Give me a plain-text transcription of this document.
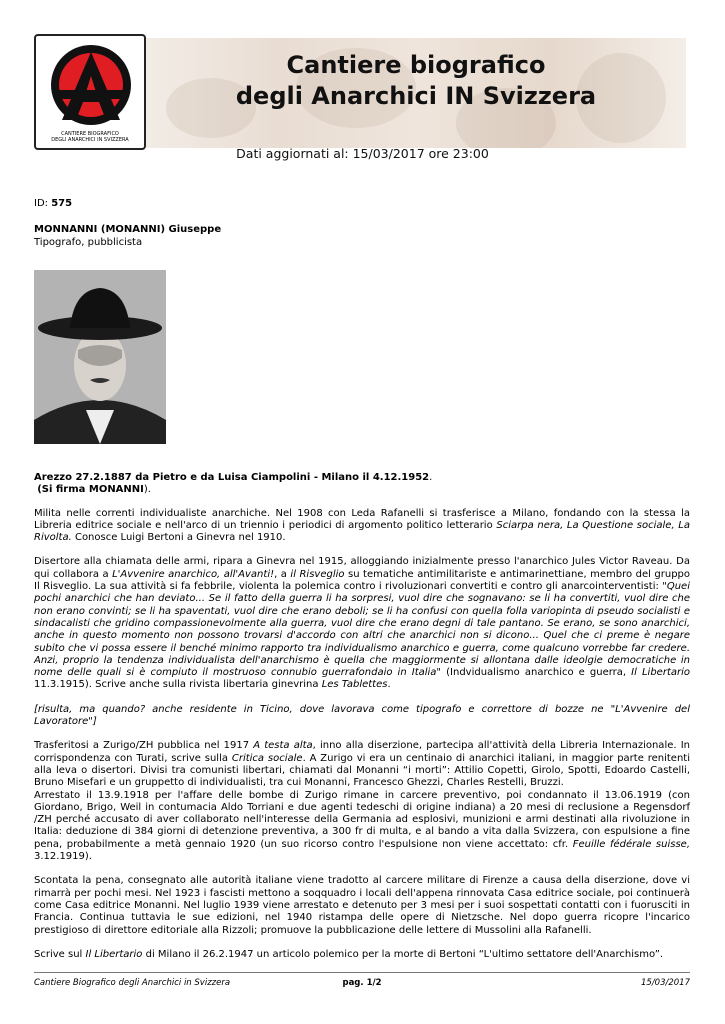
CANTIERE BIOGRAFICO
DEGLI ANARCHICI IN SVIZZERA
Cantiere biografico
degli Anarchici IN Svizzera
Dati aggiornati al: 15/03/2017 ore 23:00
ID: 575
MONNANNI (MONANNI) Giuseppe
Tipografo, pubblicista

Arezzo 27.2.1887 da Pietro e da Luisa Ciampolini - Milano il 4.12.1952.
(Si firma MONANNI).

Milita nelle correnti individualiste anarchiche. Nel 1908 con Leda Rafanelli si trasferisce a Milano, fondando con la stessa la Libreria editrice sociale e nell'arco di un triennio i periodici di argomento politico letterario Sciarpa nera, La Questione sociale, La Rivolta. Conosce Luigi Bertoni a Ginevra nel 1910.

Disertore alla chiamata delle armi, ripara a Ginevra nel 1915, alloggiando inizialmente presso l'anarchico Jules Victor Raveau. Da qui collabora a L'Avvenire anarchico, all'Avanti!, a il Risveglio su tematiche antimilitariste e antimarinettiane, membro del gruppo Il Risveglio. La sua attività si fa febbrile, violenta la polemica contro i rivoluzionari convertiti e contro gli anarcointerventisti: "Quei pochi anarchici che han deviato... Se il fatto della guerra li ha sorpresi, vuol dire che sognavano: se li ha convertiti, vuol dire che non erano convinti; se li ha spaventati, vuol dire che erano deboli; se li ha confusi con quella folla variopinta di pseudo socialisti e sindacalisti che gridino compassionevolmente alla guerra, vuol dire che erano degni di tale pantano. Se erano, se sono anarchici, anche in questo momento non possono trovarsi d'accordo con altri che anarchici non si dicono... Quel che ci preme è negare subito che vi possa essere il benché minimo rapporto tra individualismo anarchico e guerra, come qualcuno vorrebbe far credere. Anzi, proprio la tendenza individualista dell'anarchismo è quella che maggiormente si allontana dalle ideolgie democratiche in nome delle quali si è compiuto il mostruoso connubio guerrafondaio in Italia" (Indvidualismo anarchico e guerra, Il Libertario 11.3.1915). Scrive anche sulla rivista libertaria ginevrina Les Tablettes.

[risulta, ma quando? anche residente in Ticino, dove lavorava come tipografo e correttore di bozze ne "L'Avvenire del Lavoratore"]

Trasferitosi a Zurigo/ZH pubblica nel 1917 A testa alta, inno alla diserzione, partecipa all'attività della Libreria Internazionale. In corrispondenza con Turati, scrive sulla Critica sociale. A Zurigo vi era un centinaio di anarchici italiani, in maggior parte renitenti alla leva o disertori. Divisi tra comunisti libertari, chiamati dal Monanni “i morti”: Attilio Copetti, Girolo, Spotti, Edoardo Castelli, Bruno Misefari e un gruppetto di individualisti, tra cui Monanni, Francesco Ghezzi, Charles Restelli, Bruzzi.
Arrestato il 13.9.1918 per l'affare delle bombe di Zurigo rimane in carcere preventivo, poi condannato il 13.06.1919 (con Giordano, Brigo, Weil in contumacia Aldo Torriani e due agenti tedeschi di origine indiana) a 20 mesi di reclusione a Regensdorf /ZH perché accusato di aver collaborato nell'interesse della Germania ad esplosivi, munizioni e armi destinati alla rivoluzione in Italia: deduzione di 384 giorni di detenzione preventiva, a 300 fr di multa, e al bando a vita dalla Svizzera, con espulsione a fine pena, probabilmente a metà gennaio 1920 (un suo ricorso contro l'espulsione non viene accettato: cfr. Feuille fédérale suisse, 3.12.1919).

Scontata la pena, consegnato alle autorità italiane viene tradotto al carcere militare di Firenze a causa della diserzione, dove vi rimarrà per pochi mesi. Nel 1923 i fascisti mettono a soqquadro i locali dell'appena rinnovata Casa editrice sociale, poi continuerà come Casa editrice Monanni. Nel luglio 1939 viene arrestato e detenuto per 3 mesi per i suoi sospettati contatti con i fuorusciti in Francia. Continua tuttavia le sue edizioni, nel 1940 ristampa delle opere di Nietzsche. Nel dopo guerra ricopre l'incarico prestigioso di direttore editoriale alla Rizzoli; promuove la pubblicazione delle lettere di Mussolini alla Rafanelli.

Scrive sul Il Libertario di Milano il 26.2.1947 un articolo polemico per la morte di Bertoni “L'ultimo settatore dell'Anarchismo”.

Cantiere Biografico degli Anarchici in Svizzera	pag. 1/2	15/03/2017
